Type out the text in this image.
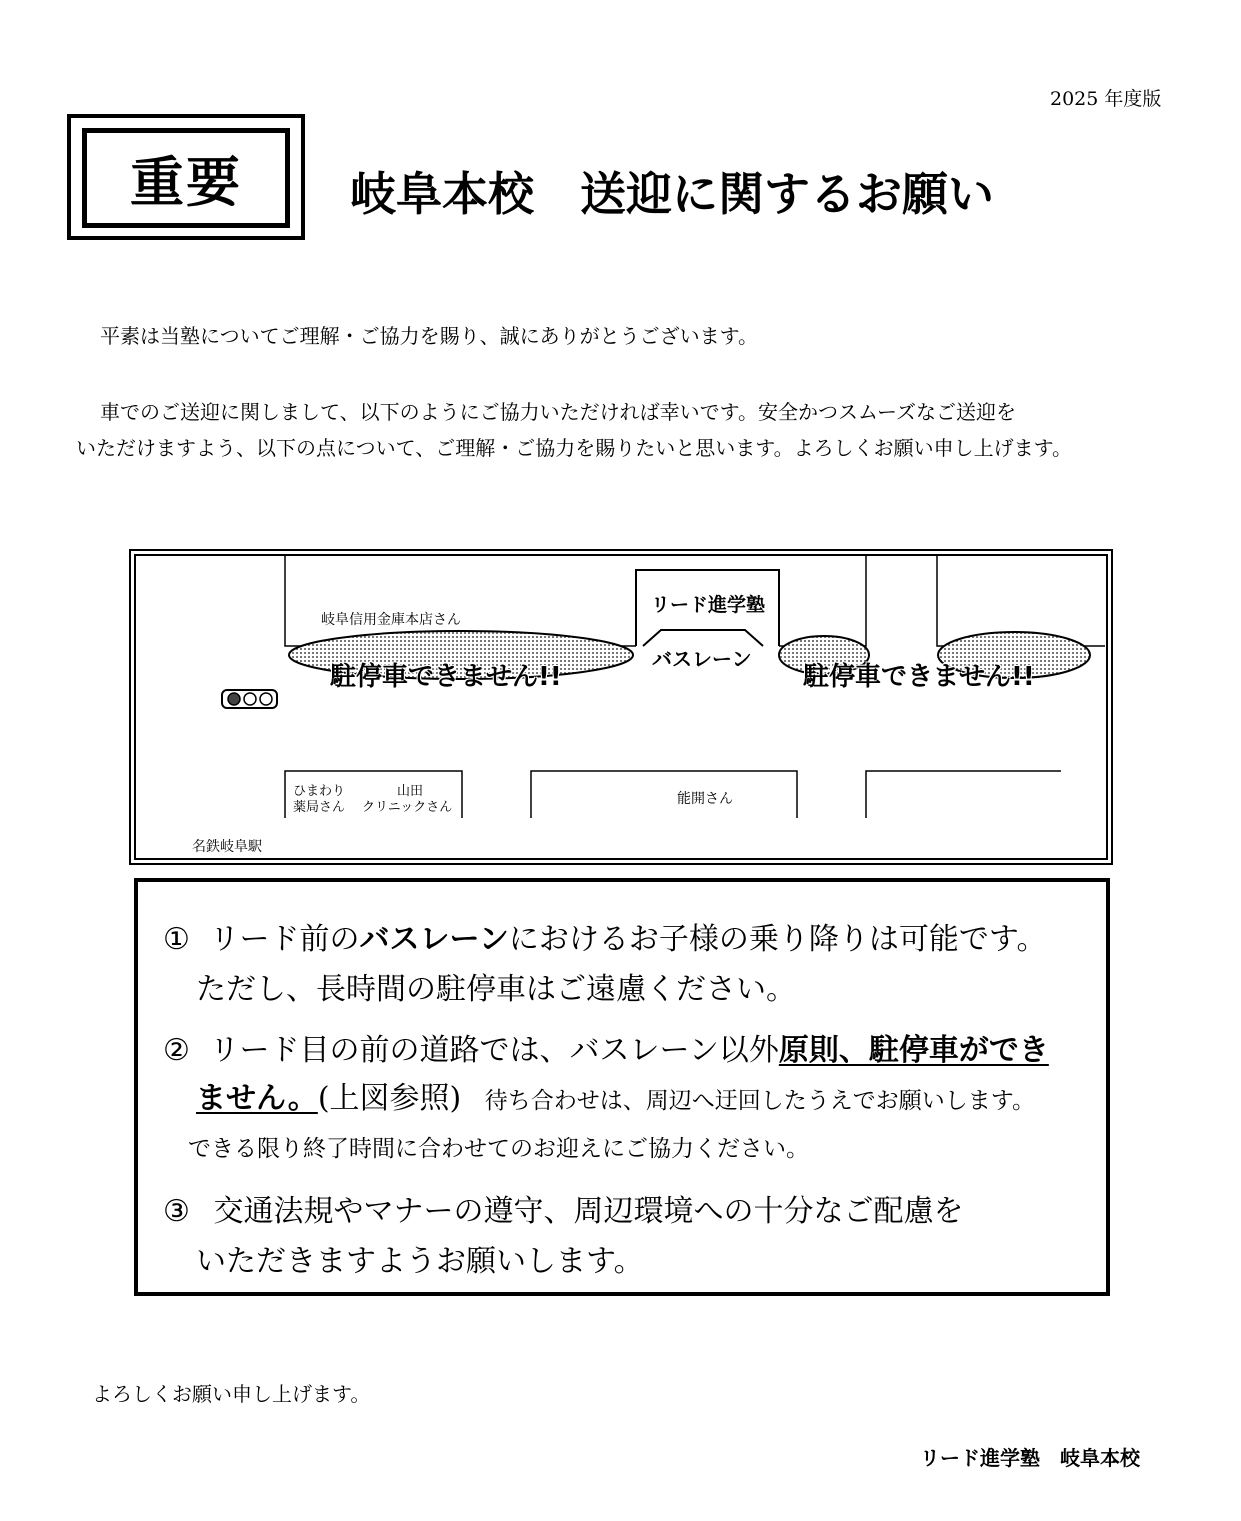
2025 年度版
重要 岐阜本校　送迎に関するお願い
平素は当塾についてご理解・ご協力を賜り、誠にありがとうございます。
車でのご送迎に関しまして、以下のようにご協力いただければ幸いです。安全かつスムーズなご送迎を
いただけますよう、以下の点について、ご理解・ご協力を賜りたいと思います。よろしくお願い申し上げます。
岐阜信用金庫本店さん
リード進学塾
バスレーン
駐停車できません!!	駐停車できません!!
ひまわり
薬局さん
山田
クリニックさん
能開さん
名鉄岐阜駅
① リード前のバスレーンにおけるお子様の乗り降りは可能です。
ただし、長時間の駐停車はご遠慮ください。
② リード目の前の道路では、バスレーン以外原則、駐停車ができ
ません。(上図参照) 待ち合わせは、周辺へ迂回したうえでお願いします。
できる限り終了時間に合わせてのお迎えにご協力ください。
③ 交通法規やマナーの遵守、周辺環境への十分なご配慮を
いただきますようお願いします。
よろしくお願い申し上げます。
リード進学塾　岐阜本校
